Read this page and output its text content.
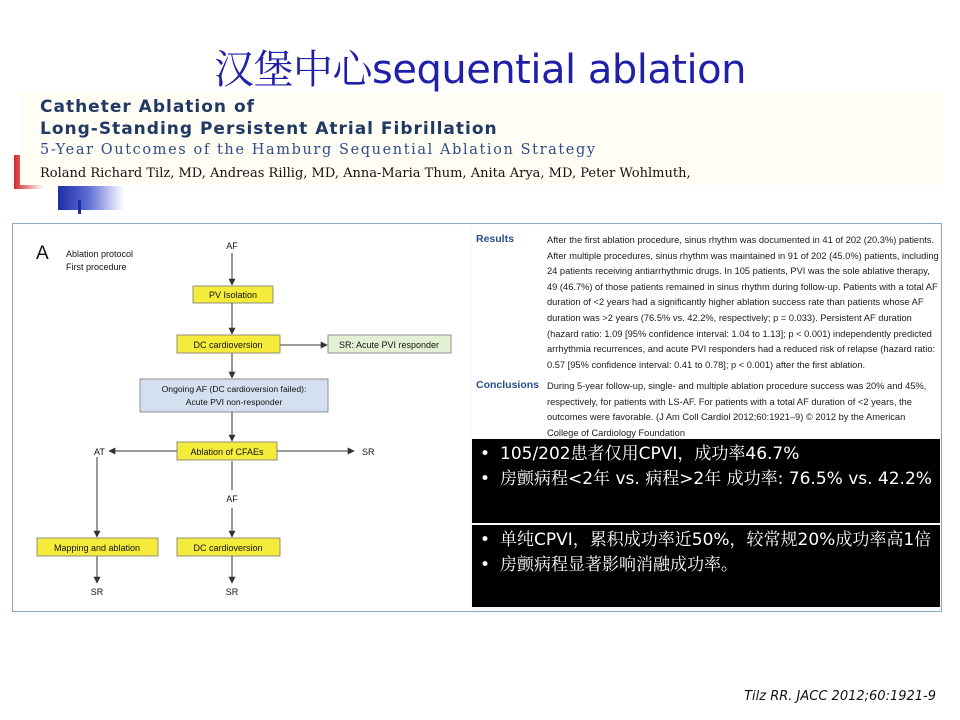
汉堡中心sequential ablation
Catheter Ablation of
Long-Standing Persistent Atrial Fibrillation
5-Year Outcomes of the Hamburg Sequential Ablation Strategy
Roland Richard Tilz, MD, Andreas Rillig, MD, Anna-Maria Thum, Anita Arya, MD, Peter Wohlmuth,
A Ablation protocol
First procedure
AF
PV Isolation
DC cardioversion	SR: Acute PVI responder
Ongoing AF (DC cardioversion failed):
Acute PVI non-responder
Ablation of CFAEs
AT	SR
AF
Mapping and ablation	DC cardioversion
SR	SR
Results	After the first ablation procedure, sinus rhythm was documented in 41 of 202 (20.3%) patients. After multiple procedures, sinus rhythm was maintained in 91 of 202 (45.0%) patients, including 24 patients receiving antiarrhythmic drugs. In 105 patients, PVI was the sole ablative therapy, 49 (46.7%) of those patients remained in sinus rhythm during follow-up. Patients with a total AF duration of <2 years had a significantly higher ablation success rate than patients whose AF duration was >2 years (76.5% vs. 42.2%, respectively; p = 0.033). Persistent AF duration (hazard ratio: 1.09 [95% confidence interval: 1.04 to 1.13]; p < 0.001) independently predicted arrhythmia recurrences, and acute PVI responders had a reduced risk of relapse (hazard ratio: 0.57 [95% confidence interval: 0.41 to 0.78]; p < 0.001) after the first ablation.
Conclusions During 5-year follow-up, single- and multiple ablation procedure success was 20% and 45%, respectively, for patients with LS-AF. For patients with a total AF duration of <2 years, the outcomes were favorable. (J Am Coll Cardiol 2012;60:1921–9) © 2012 by the American College of Cardiology Foundation
• 105/202患者仅用CPVI，成功率46.7%
• 房颤病程<2年 vs. 病程>2年 成功率: 76.5% vs. 42.2%
• 单纯CPVI，累积成功率近50%，较常规20%成功率高1倍
• 房颤病程显著影响消融成功率。
Tilz RR. JACC 2012;60:1921-9
